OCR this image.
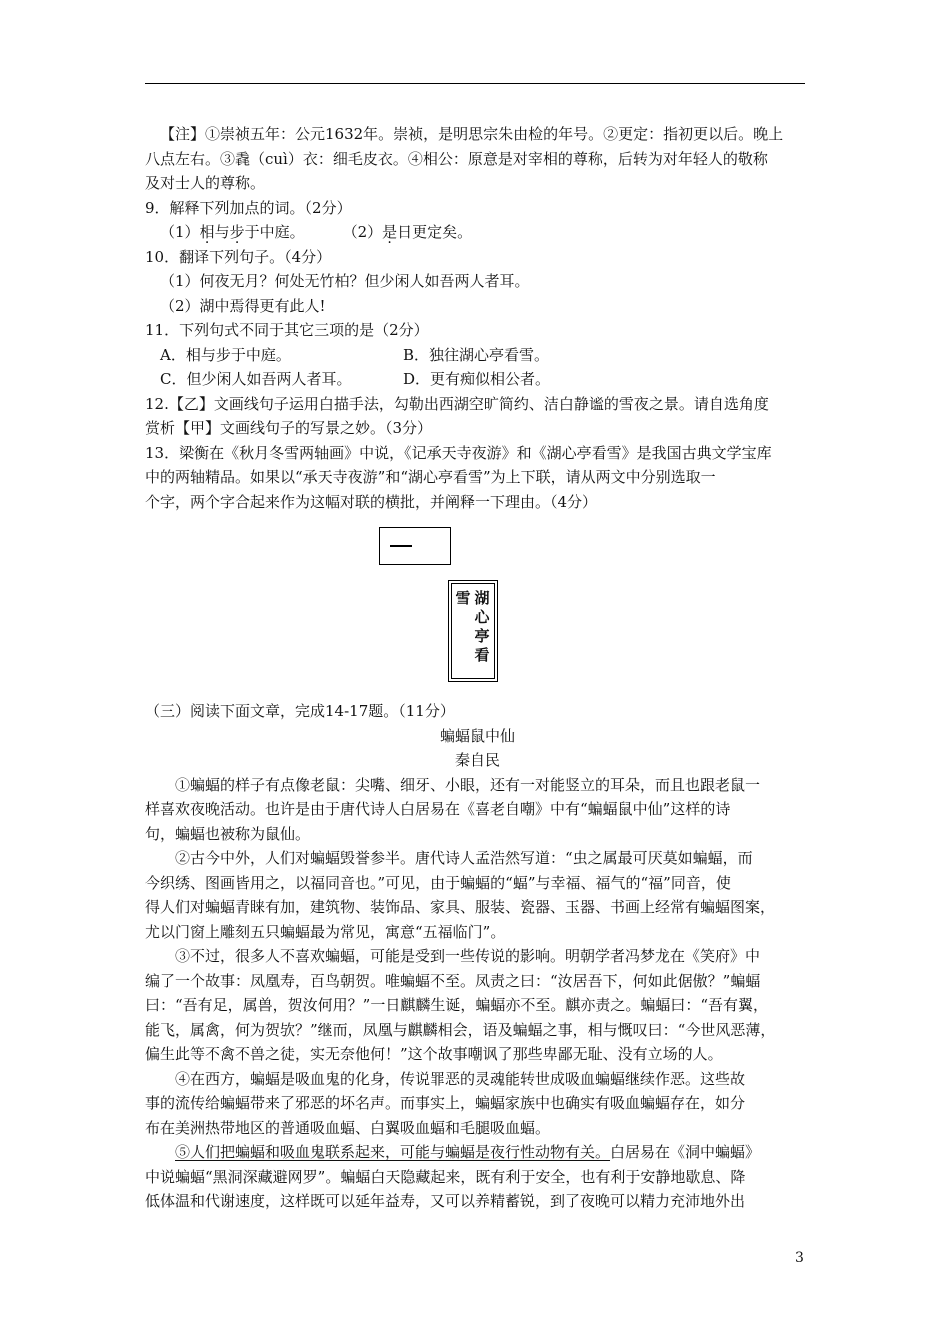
【注】①崇祯五年：公元1632年。崇祯，是明思宗朱由检的年号。②更定：指初更以后。晚上

八点左右。③毳（cuì）衣：细毛皮衣。④相公：原意是对宰相的尊称，后转为对年轻人的敬称

及对士人的尊称。

9．解释下列加点的词。（2分）

（1）相与步于中庭。	（2）是日更定矣。

10．翻译下列句子。（4分）

（1）何夜无月？何处无竹柏？但少闲人如吾两人者耳。

（2）湖中焉得更有此人!

11．下列句式不同于其它三项的是（2分）

A．相与步于中庭。	B．独往湖心亭看雪。
C．但少闲人如吾两人者耳。	D．更有痴似相公者。

12.【乙】文画线句子运用白描手法，勾勒出西湖空旷简约、洁白静谧的雪夜之景。请自选角度

赏析【甲】文画线句子的写景之妙。（3分）

13．梁衡在《秋月冬雪两轴画》中说，《记承天寺夜游》和《湖心亭看雪》是我国古典文学宝库

中的两轴精品。如果以“承天寺夜游”和“湖心亭看雪”为上下联，请从两文中分别选取一

个字，两个字合起来作为这幅对联的横批，并阐释一下理由。（4分）

湖
心
亭
看
雪

（三）阅读下面文章，完成14-17题。（11分）

蝙蝠鼠中仙

秦自民

①蝙蝠的样子有点像老鼠：尖嘴、细牙、小眼，还有一对能竖立的耳朵，而且也跟老鼠一

样喜欢夜晚活动。也许是由于唐代诗人白居易在《喜老自嘲》中有“蝙蝠鼠中仙”这样的诗

句，蝙蝠也被称为鼠仙。

②古今中外，人们对蝙蝠毁誉参半。唐代诗人孟浩然写道：“虫之属最可厌莫如蝙蝠，而

今织绣、图画皆用之，以福同音也。”可见，由于蝙蝠的“蝠”与幸福、福气的“福”同音，使

得人们对蝙蝠青睐有加，建筑物、装饰品、家具、服装、瓷器、玉器、书画上经常有蝙蝠图案，

尤以门窗上雕刻五只蝙蝠最为常见，寓意“五福临门”。

③不过，很多人不喜欢蝙蝠，可能是受到一些传说的影响。明朝学者冯梦龙在《笑府》中

编了一个故事：凤凰寿，百鸟朝贺。唯蝙蝠不至。凤责之曰：“汝居吾下，何如此倨傲？”蝙蝠

曰：“吾有足，属兽，贺汝何用？”一日麒麟生诞，蝙蝠亦不至。麒亦责之。蝙蝠曰：“吾有翼，

能飞，属禽，何为贺欤？”继而，凤凰与麒麟相会，语及蝙蝠之事，相与慨叹曰：“今世风恶薄，

偏生此等不禽不兽之徒，实无奈他何！”这个故事嘲讽了那些卑鄙无耻、没有立场的人。

④在西方，蝙蝠是吸血鬼的化身，传说罪恶的灵魂能转世成吸血蝙蝠继续作恶。这些故

事的流传给蝙蝠带来了邪恶的坏名声。而事实上，蝙蝠家族中也确实有吸血蝙蝠存在，如分

布在美洲热带地区的普通吸血蝠、白翼吸血蝠和毛腿吸血蝠。

⑤人们把蝙蝠和吸血鬼联系起来，可能与蝙蝠是夜行性动物有关。白居易在《洞中蝙蝠》

中说蝙蝠“黑洞深藏避网罗”。蝙蝠白天隐藏起来，既有利于安全，也有利于安静地歇息、降

低体温和代谢速度，这样既可以延年益寿，又可以养精蓄锐，到了夜晚可以精力充沛地外出

3
